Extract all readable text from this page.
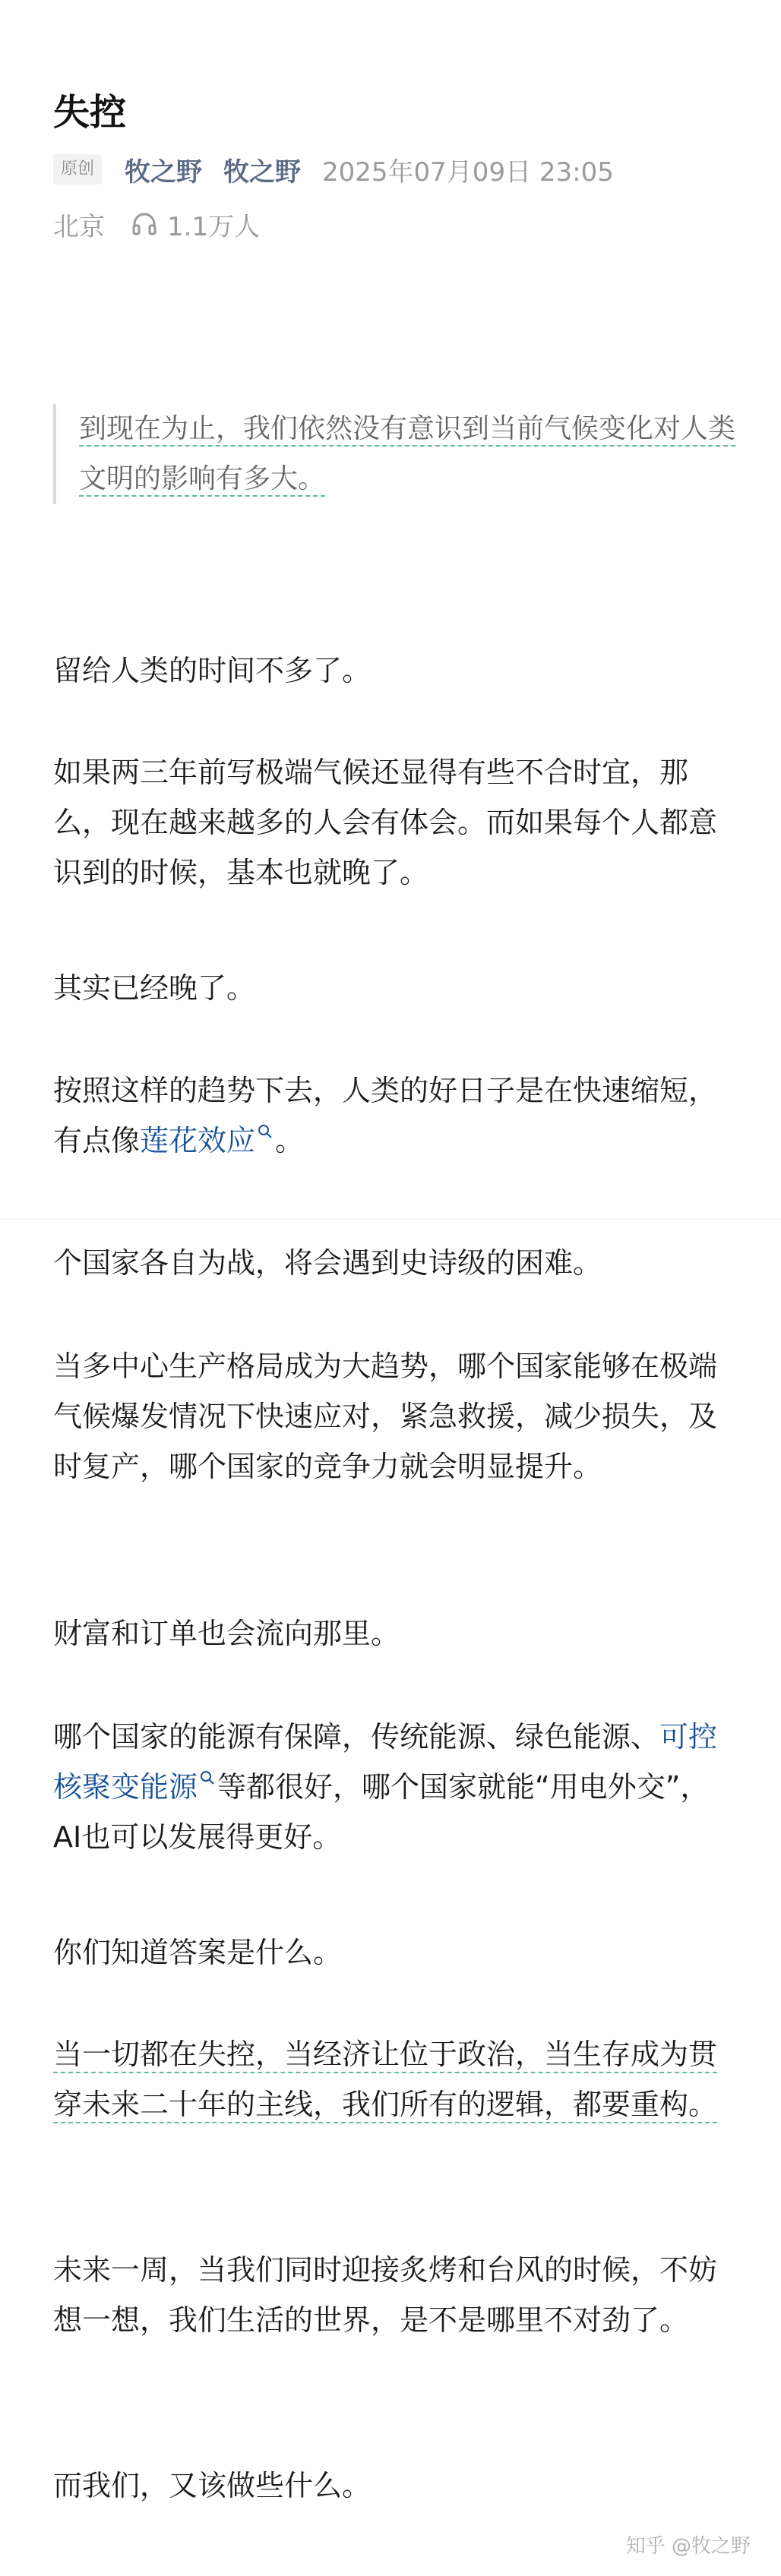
失控
原创 牧之野 牧之野 2025年07月09日 23:05
北京 1.1万人

到现在为止，我们依然没有意识到当前气候变化对人类文明的影响有多大。

留给人类的时间不多了。

如果两三年前写极端气候还显得有些不合时宜，那么，现在越来越多的人会有体会。而如果每个人都意识到的时候，基本也就晚了。

其实已经晚了。

按照这样的趋势下去，人类的好日子是在快速缩短，有点像莲花效应 。

个国家各自为战，将会遇到史诗级的困难。

当多中心生产格局成为大趋势，哪个国家能够在极端气候爆发情况下快速应对，紧急救援，减少损失，及时复产，哪个国家的竞争力就会明显提升。

财富和订单也会流向那里。

哪个国家的能源有保障，传统能源、绿色能源、可控核聚变能源 等都很好，哪个国家就能“用电外交”，AI也可以发展得更好。

你们知道答案是什么。

当一切都在失控，当经济让位于政治，当生存成为贯穿未来二十年的主线，我们所有的逻辑，都要重构。

未来一周，当我们同时迎接炙烤和台风的时候，不妨想一想，我们生活的世界，是不是哪里不对劲了。

而我们，又该做些什么。

知乎 @牧之野
